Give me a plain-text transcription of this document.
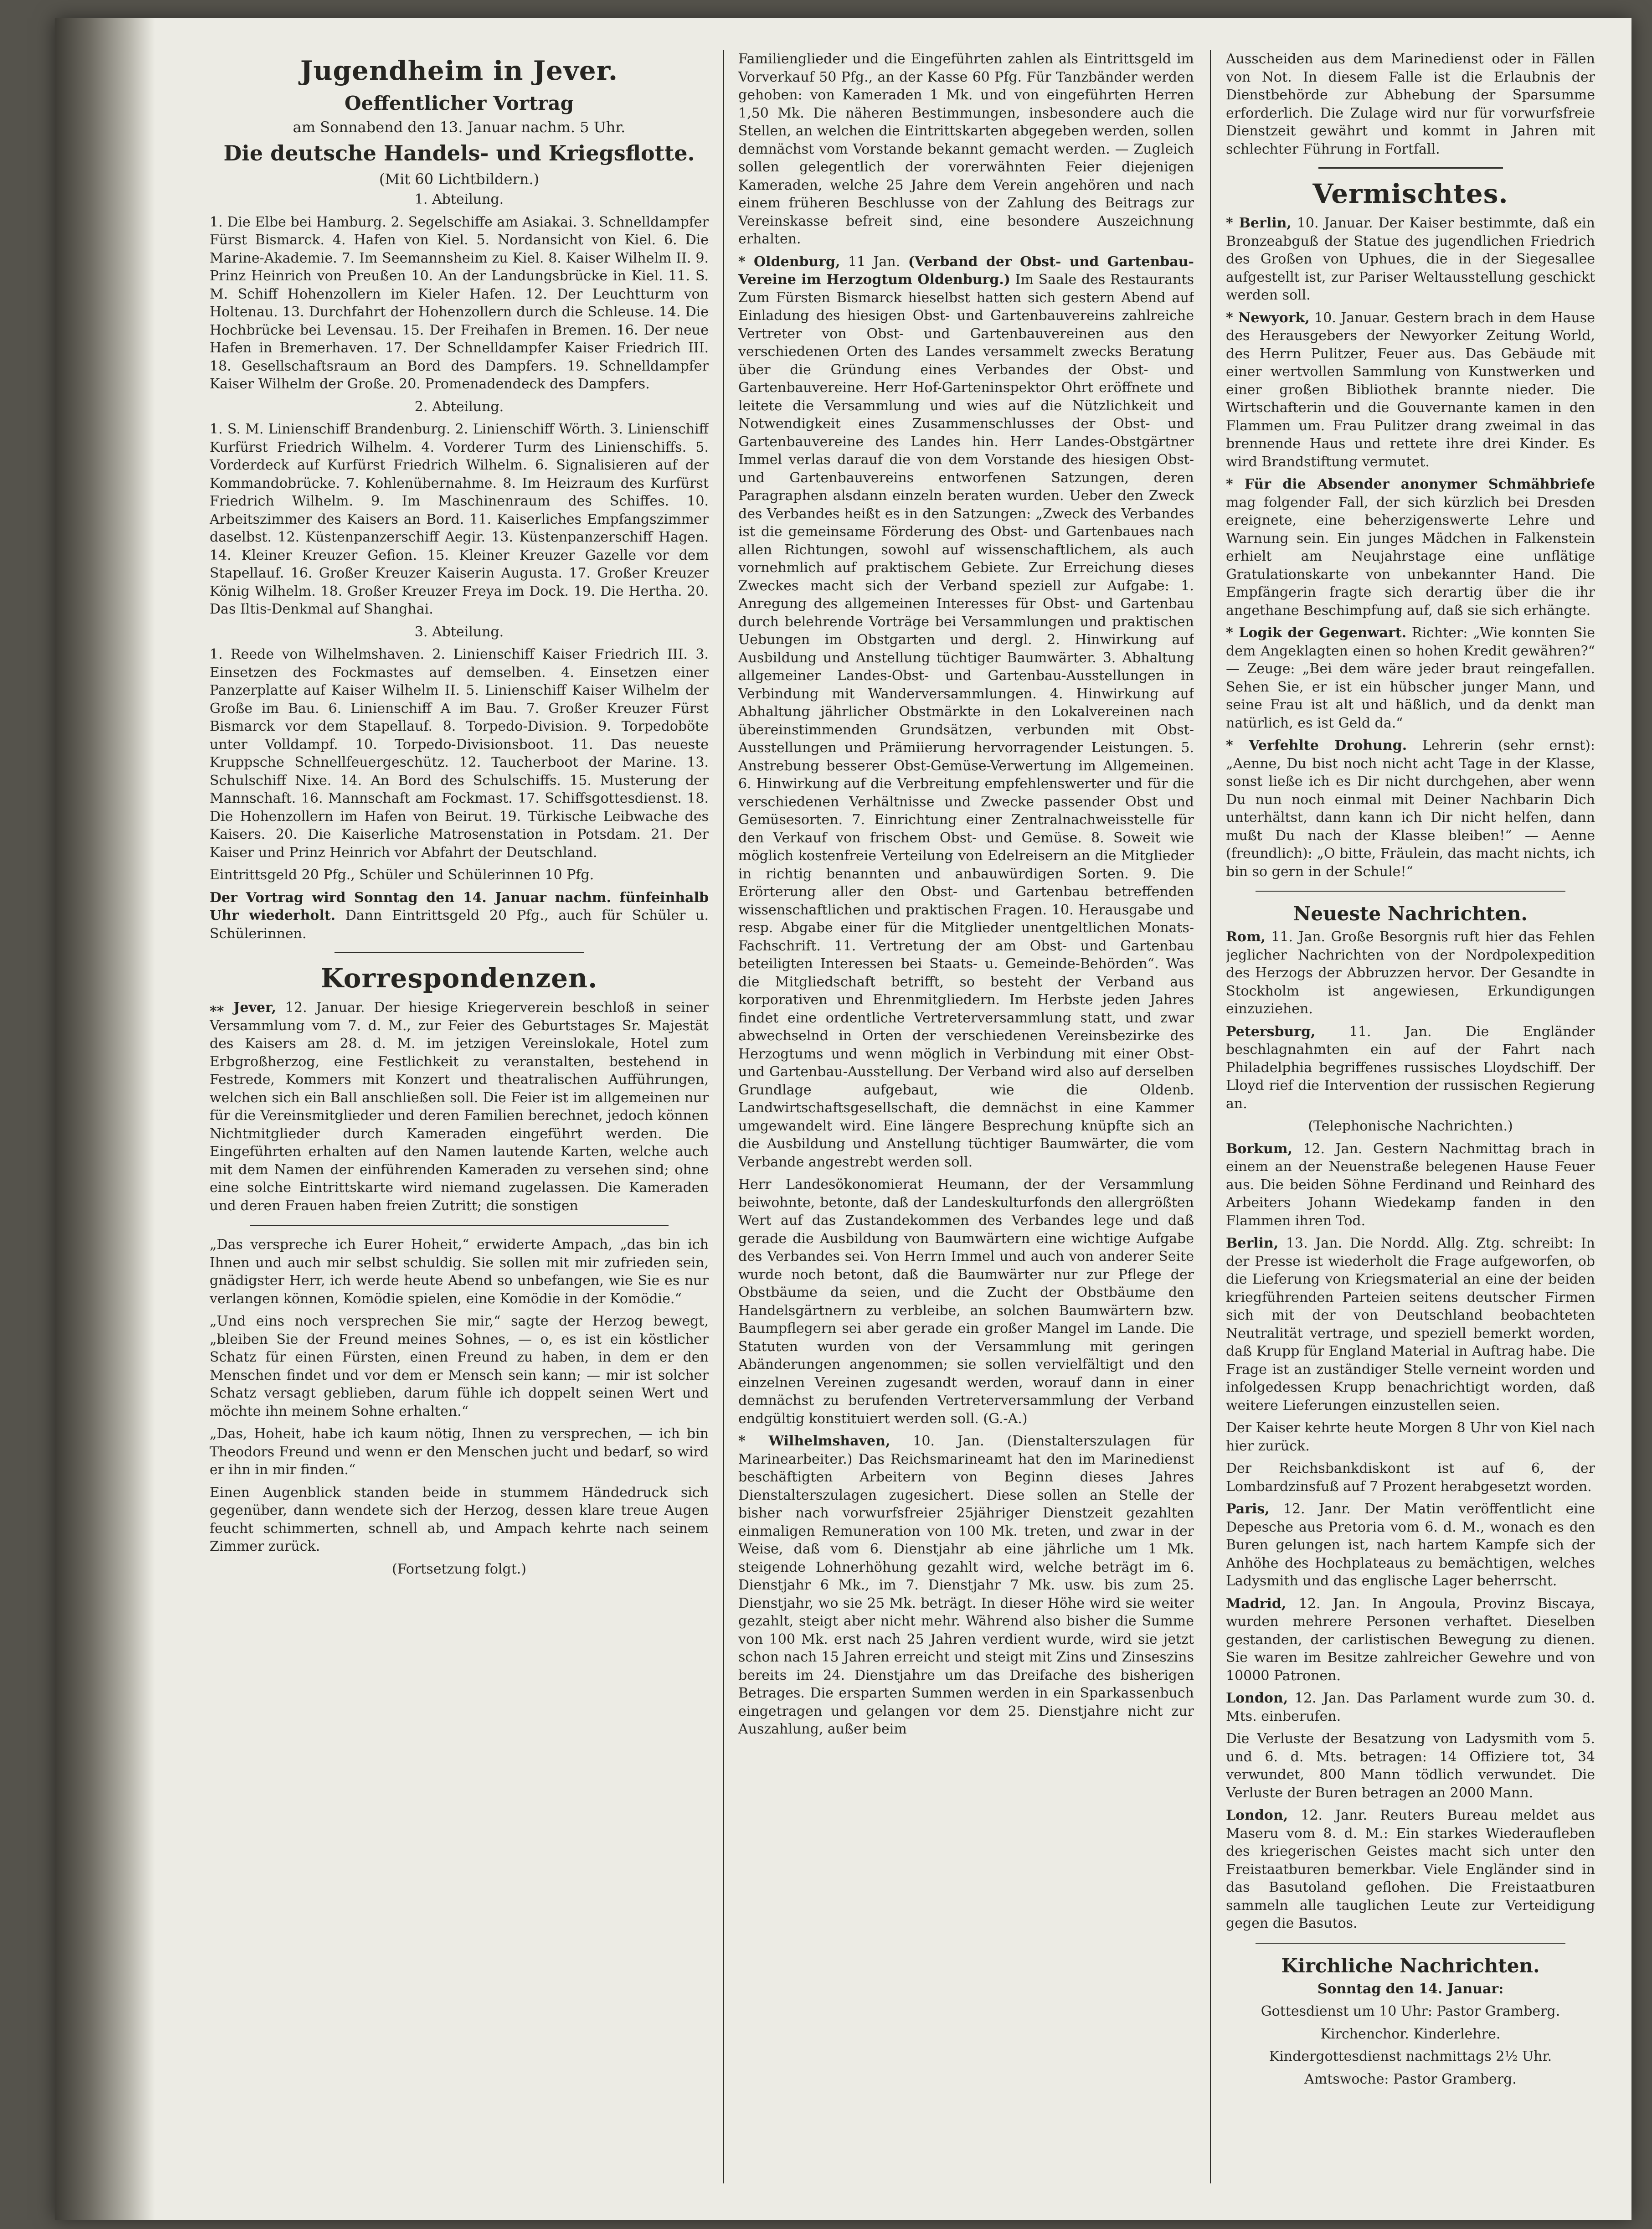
Jugendheim in Jever.
Oeffentlicher Vortrag
am Sonnabend den 13. Januar nachm. 5 Uhr.
Die deutsche Handels- und Kriegsflotte.
(Mit 60 Lichtbildern.)

1. Abteilung.

1. Die Elbe bei Hamburg. 2. Segelschiffe am Asiakai. 3. Schnelldampfer Fürst Bismarck. 4. Hafen von Kiel. 5. Nordansicht von Kiel. 6. Die Marine-Akademie. 7. Im Seemannsheim zu Kiel. 8. Kaiser Wilhelm II. 9. Prinz Heinrich von Preußen 10. An der Landungsbrücke in Kiel. 11. S. M. Schiff Hohenzollern im Kieler Hafen. 12. Der Leuchtturm von Holtenau. 13. Durchfahrt der Hohenzollern durch die Schleuse. 14. Die Hochbrücke bei Levensau. 15. Der Freihafen in Bremen. 16. Der neue Hafen in Bremerhaven. 17. Der Schnelldampfer Kaiser Friedrich III. 18. Gesellschaftsraum an Bord des Dampfers. 19. Schnelldampfer Kaiser Wilhelm der Große. 20. Promenadendeck des Dampfers.

2. Abteilung.

1. S. M. Linienschiff Brandenburg. 2. Linienschiff Wörth. 3. Linienschiff Kurfürst Friedrich Wilhelm. 4. Vorderer Turm des Linienschiffs. 5. Vorderdeck auf Kurfürst Friedrich Wilhelm. 6. Signalisieren auf der Kommandobrücke. 7. Kohlenübernahme. 8. Im Heizraum des Kurfürst Friedrich Wilhelm. 9. Im Maschinenraum des Schiffes. 10. Arbeitszimmer des Kaisers an Bord. 11. Kaiserliches Empfangszimmer daselbst. 12. Küstenpanzerschiff Aegir. 13. Küstenpanzerschiff Hagen. 14. Kleiner Kreuzer Gefion. 15. Kleiner Kreuzer Gazelle vor dem Stapellauf. 16. Großer Kreuzer Kaiserin Augusta. 17. Großer Kreuzer König Wilhelm. 18. Großer Kreuzer Freya im Dock. 19. Die Hertha. 20. Das Iltis-Denkmal auf Shanghai.

3. Abteilung.

1. Reede von Wilhelmshaven. 2. Linienschiff Kaiser Friedrich III. 3. Einsetzen des Fockmastes auf demselben. 4. Einsetzen einer Panzerplatte auf Kaiser Wilhelm II. 5. Linienschiff Kaiser Wilhelm der Große im Bau. 6. Linienschiff A im Bau. 7. Großer Kreuzer Fürst Bismarck vor dem Stapellauf. 8. Torpedo-Division. 9. Torpedoböte unter Volldampf. 10. Torpedo-Divisionsboot. 11. Das neueste Kruppsche Schnellfeuergeschütz. 12. Taucherboot der Marine. 13. Schulschiff Nixe. 14. An Bord des Schulschiffs. 15. Musterung der Mannschaft. 16. Mannschaft am Fockmast. 17. Schiffsgottesdienst. 18. Die Hohenzollern im Hafen von Beirut. 19. Türkische Leibwache des Kaisers. 20. Die Kaiserliche Matrosenstation in Potsdam. 21. Der Kaiser und Prinz Heinrich vor Abfahrt der Deutschland.

Eintrittsgeld 20 Pfg., Schüler und Schülerinnen 10 Pfg.

Der Vortrag wird Sonntag den 14. Januar nachm. fünfeinhalb Uhr wiederholt. Dann Eintrittsgeld 20 Pfg., auch für Schüler u. Schülerinnen.

Korrespondenzen.

⁎⁎ Jever, 12. Januar. Der hiesige Kriegerverein beschloß in seiner Versammlung vom 7. d. M., zur Feier des Geburtstages Sr. Majestät des Kaisers am 28. d. M. im jetzigen Vereinslokale, Hotel zum Erbgroßherzog, eine Festlichkeit zu veranstalten, bestehend in Festrede, Kommers mit Konzert und theatralischen Aufführungen, welchen sich ein Ball anschließen soll. Die Feier ist im allgemeinen nur für die Vereinsmitglieder und deren Familien berechnet, jedoch können Nichtmitglieder durch Kameraden eingeführt werden. Die Eingeführten erhalten auf den Namen lautende Karten, welche auch mit dem Namen der einführenden Kameraden zu versehen sind; ohne eine solche Eintrittskarte wird niemand zugelassen. Die Kameraden und deren Frauen haben freien Zutritt; die sonstigen

„Das verspreche ich Eurer Hoheit,“ erwiderte Ampach, „das bin ich Ihnen und auch mir selbst schuldig. Sie sollen mit mir zufrieden sein, gnädigster Herr, ich werde heute Abend so unbefangen, wie Sie es nur verlangen können, Komödie spielen, eine Komödie in der Komödie.“

„Und eins noch versprechen Sie mir,“ sagte der Herzog bewegt, „bleiben Sie der Freund meines Sohnes, — o, es ist ein köstlicher Schatz für einen Fürsten, einen Freund zu haben, in dem er den Menschen findet und vor dem er Mensch sein kann; — mir ist solcher Schatz versagt geblieben, darum fühle ich doppelt seinen Wert und möchte ihn meinem Sohne erhalten.“

„Das, Hoheit, habe ich kaum nötig, Ihnen zu versprechen, — ich bin Theodors Freund und wenn er den Menschen jucht und bedarf, so wird er ihn in mir finden.“

Einen Augenblick standen beide in stummem Händedruck sich gegenüber, dann wendete sich der Herzog, dessen klare treue Augen feucht schimmerten, schnell ab, und Ampach kehrte nach seinem Zimmer zurück.

(Fortsetzung folgt.)

Familienglieder und die Eingeführten zahlen als Eintrittsgeld im Vorverkauf 50 Pfg., an der Kasse 60 Pfg. Für Tanzbänder werden gehoben: von Kameraden 1 Mk. und von eingeführten Herren 1,50 Mk. Die näheren Bestimmungen, insbesondere auch die Stellen, an welchen die Eintrittskarten abgegeben werden, sollen demnächst vom Vorstande bekannt gemacht werden. — Zugleich sollen gelegentlich der vorerwähnten Feier diejenigen Kameraden, welche 25 Jahre dem Verein angehören und nach einem früheren Beschlusse von der Zahlung des Beitrags zur Vereinskasse befreit sind, eine besondere Auszeichnung erhalten.

* Oldenburg, 11 Jan. (Verband der Obst- und Gartenbau-Vereine im Herzogtum Oldenburg.) Im Saale des Restaurants Zum Fürsten Bismarck hieselbst hatten sich gestern Abend auf Einladung des hiesigen Obst- und Gartenbauvereins zahlreiche Vertreter von Obst- und Gartenbauvereinen aus den verschiedenen Orten des Landes versammelt zwecks Beratung über die Gründung eines Verbandes der Obst- und Gartenbauvereine. Herr Hof-Garteninspektor Ohrt eröffnete und leitete die Versammlung und wies auf die Nützlichkeit und Notwendigkeit eines Zusammenschlusses der Obst- und Gartenbauvereine des Landes hin. Herr Landes-Obstgärtner Immel verlas darauf die von dem Vorstande des hiesigen Obst- und Gartenbauvereins entworfenen Satzungen, deren Paragraphen alsdann einzeln beraten wurden. Ueber den Zweck des Verbandes heißt es in den Satzungen: „Zweck des Verbandes ist die gemeinsame Förderung des Obst- und Gartenbaues nach allen Richtungen, sowohl auf wissenschaftlichem, als auch vornehmlich auf praktischem Gebiete. Zur Erreichung dieses Zweckes macht sich der Verband speziell zur Aufgabe: 1. Anregung des allgemeinen Interesses für Obst- und Gartenbau durch belehrende Vorträge bei Versammlungen und praktischen Uebungen im Obstgarten und dergl. 2. Hinwirkung auf Ausbildung und Anstellung tüchtiger Baumwärter. 3. Abhaltung allgemeiner Landes-Obst- und Gartenbau-Ausstellungen in Verbindung mit Wanderversammlungen. 4. Hinwirkung auf Abhaltung jährlicher Obstmärkte in den Lokalvereinen nach übereinstimmenden Grundsätzen, verbunden mit Obst-Ausstellungen und Prämiierung hervorragender Leistungen. 5. Anstrebung besserer Obst-Gemüse-Verwertung im Allgemeinen. 6. Hinwirkung auf die Verbreitung empfehlenswerter und für die verschiedenen Verhältnisse und Zwecke passender Obst und Gemüsesorten. 7. Einrichtung einer Zentralnachweisstelle für den Verkauf von frischem Obst- und Gemüse. 8. Soweit wie möglich kostenfreie Verteilung von Edelreisern an die Mitglieder in richtig benannten und anbauwürdigen Sorten. 9. Die Erörterung aller den Obst- und Gartenbau betreffenden wissenschaftlichen und praktischen Fragen. 10. Herausgabe und resp. Abgabe einer für die Mitglieder unentgeltlichen Monats-Fachschrift. 11. Vertretung der am Obst- und Gartenbau beteiligten Interessen bei Staats- u. Gemeinde-Behörden“. Was die Mitgliedschaft betrifft, so besteht der Verband aus korporativen und Ehrenmitgliedern. Im Herbste jeden Jahres findet eine ordentliche Vertreterversammlung statt, und zwar abwechselnd in Orten der verschiedenen Vereinsbezirke des Herzogtums und wenn möglich in Verbindung mit einer Obst- und Gartenbau-Ausstellung. Der Verband wird also auf derselben Grundlage aufgebaut, wie die Oldenb. Landwirtschaftsgesellschaft, die demnächst in eine Kammer umgewandelt wird. Eine längere Besprechung knüpfte sich an die Ausbildung und Anstellung tüchtiger Baumwärter, die vom Verbande angestrebt werden soll.

Herr Landesökonomierat Heumann, der der Versammlung beiwohnte, betonte, daß der Landeskulturfonds den allergrößten Wert auf das Zustandekommen des Verbandes lege und daß gerade die Ausbildung von Baumwärtern eine wichtige Aufgabe des Verbandes sei. Von Herrn Immel und auch von anderer Seite wurde noch betont, daß die Baumwärter nur zur Pflege der Obstbäume da seien, und die Zucht der Obstbäume den Handelsgärtnern zu verbleibe, an solchen Baumwärtern bzw. Baumpflegern sei aber gerade ein großer Mangel im Lande. Die Statuten wurden von der Versammlung mit geringen Abänderungen angenommen; sie sollen vervielfältigt und den einzelnen Vereinen zugesandt werden, worauf dann in einer demnächst zu berufenden Vertreterversammlung der Verband endgültig konstituiert werden soll. (G.-A.)

* Wilhelmshaven, 10. Jan. (Dienstalterszulagen für Marinearbeiter.) Das Reichsmarineamt hat den im Marinedienst beschäftigten Arbeitern von Beginn dieses Jahres Dienstalterszulagen zugesichert. Diese sollen an Stelle der bisher nach vorwurfsfreier 25jähriger Dienstzeit gezahlten einmaligen Remuneration von 100 Mk. treten, und zwar in der Weise, daß vom 6. Dienstjahr ab eine jährliche um 1 Mk. steigende Lohnerhöhung gezahlt wird, welche beträgt im 6. Dienstjahr 6 Mk., im 7. Dienstjahr 7 Mk. usw. bis zum 25. Dienstjahr, wo sie 25 Mk. beträgt. In dieser Höhe wird sie weiter gezahlt, steigt aber nicht mehr. Während also bisher die Summe von 100 Mk. erst nach 25 Jahren verdient wurde, wird sie jetzt schon nach 15 Jahren erreicht und steigt mit Zins und Zinseszins bereits im 24. Dienstjahre um das Dreifache des bisherigen Betrages. Die ersparten Summen werden in ein Sparkassenbuch eingetragen und gelangen vor dem 25. Dienstjahre nicht zur Auszahlung, außer beim

Ausscheiden aus dem Marinedienst oder in Fällen von Not. In diesem Falle ist die Erlaubnis der Dienstbehörde zur Abhebung der Sparsumme erforderlich. Die Zulage wird nur für vorwurfsfreie Dienstzeit gewährt und kommt in Jahren mit schlechter Führung in Fortfall.

Vermischtes.

* Berlin, 10. Januar. Der Kaiser bestimmte, daß ein Bronzeabguß der Statue des jugendlichen Friedrich des Großen von Uphues, die in der Siegesallee aufgestellt ist, zur Pariser Weltausstellung geschickt werden soll.

* Newyork, 10. Januar. Gestern brach in dem Hause des Herausgebers der Newyorker Zeitung World, des Herrn Pulitzer, Feuer aus. Das Gebäude mit einer wertvollen Sammlung von Kunstwerken und einer großen Bibliothek brannte nieder. Die Wirtschafterin und die Gouvernante kamen in den Flammen um. Frau Pulitzer drang zweimal in das brennende Haus und rettete ihre drei Kinder. Es wird Brandstiftung vermutet.

* Für die Absender anonymer Schmähbriefe mag folgender Fall, der sich kürzlich bei Dresden ereignete, eine beherzigenswerte Lehre und Warnung sein. Ein junges Mädchen in Falkenstein erhielt am Neujahrstage eine unflätige Gratulationskarte von unbekannter Hand. Die Empfängerin fragte sich derartig über die ihr angethane Beschimpfung auf, daß sie sich erhängte.

* Logik der Gegenwart. Richter: „Wie konnten Sie dem Angeklagten einen so hohen Kredit gewähren?“ — Zeuge: „Bei dem wäre jeder braut reingefallen. Sehen Sie, er ist ein hübscher junger Mann, und seine Frau ist alt und häßlich, und da denkt man natürlich, es ist Geld da.“

* Verfehlte Drohung. Lehrerin (sehr ernst): „Aenne, Du bist noch nicht acht Tage in der Klasse, sonst ließe ich es Dir nicht durchgehen, aber wenn Du nun noch einmal mit Deiner Nachbarin Dich unterhältst, dann kann ich Dir nicht helfen, dann mußt Du nach der Klasse bleiben!“ — Aenne (freundlich): „O bitte, Fräulein, das macht nichts, ich bin so gern in der Schule!“

Neueste Nachrichten.

Rom, 11. Jan. Große Besorgnis ruft hier das Fehlen jeglicher Nachrichten von der Nordpolexpedition des Herzogs der Abbruzzen hervor. Der Gesandte in Stockholm ist angewiesen, Erkundigungen einzuziehen.

Petersburg, 11. Jan. Die Engländer beschlagnahmten ein auf der Fahrt nach Philadelphia begriffenes russisches Lloydschiff. Der Lloyd rief die Intervention der russischen Regierung an.

(Telephonische Nachrichten.)

Borkum, 12. Jan. Gestern Nachmittag brach in einem an der Neuenstraße belegenen Hause Feuer aus. Die beiden Söhne Ferdinand und Reinhard des Arbeiters Johann Wiedekamp fanden in den Flammen ihren Tod.

Berlin, 13. Jan. Die Nordd. Allg. Ztg. schreibt: In der Presse ist wiederholt die Frage aufgeworfen, ob die Lieferung von Kriegsmaterial an eine der beiden kriegführenden Parteien seitens deutscher Firmen sich mit der von Deutschland beobachteten Neutralität vertrage, und speziell bemerkt worden, daß Krupp für England Material in Auftrag habe. Die Frage ist an zuständiger Stelle verneint worden und infolgedessen Krupp benachrichtigt worden, daß weitere Lieferungen einzustellen seien.

Der Kaiser kehrte heute Morgen 8 Uhr von Kiel nach hier zurück.

Der Reichsbankdiskont ist auf 6, der Lombardzinsfuß auf 7 Prozent herabgesetzt worden.

Paris, 12. Janr. Der Matin veröffentlicht eine Depesche aus Pretoria vom 6. d. M., wonach es den Buren gelungen ist, nach hartem Kampfe sich der Anhöhe des Hochplateaus zu bemächtigen, welches Ladysmith und das englische Lager beherrscht.

Madrid, 12. Jan. In Angoula, Provinz Biscaya, wurden mehrere Personen verhaftet. Dieselben gestanden, der carlistischen Bewegung zu dienen. Sie waren im Besitze zahlreicher Gewehre und von 10000 Patronen.

London, 12. Jan. Das Parlament wurde zum 30. d. Mts. einberufen.

Die Verluste der Besatzung von Ladysmith vom 5. und 6. d. Mts. betragen: 14 Offiziere tot, 34 verwundet, 800 Mann tödlich verwundet. Die Verluste der Buren betragen an 2000 Mann.

London, 12. Janr. Reuters Bureau meldet aus Maseru vom 8. d. M.: Ein starkes Wiederaufleben des kriegerischen Geistes macht sich unter den Freistaatburen bemerkbar. Viele Engländer sind in das Basutoland geflohen. Die Freistaatburen sammeln alle tauglichen Leute zur Verteidigung gegen die Basutos.

Kirchliche Nachrichten.

Sonntag den 14. Januar:

Gottesdienst um 10 Uhr: Pastor Gramberg.

Kirchenchor. Kinderlehre.

Kindergottesdienst nachmittags 2½ Uhr.

Amtswoche: Pastor Gramberg.
